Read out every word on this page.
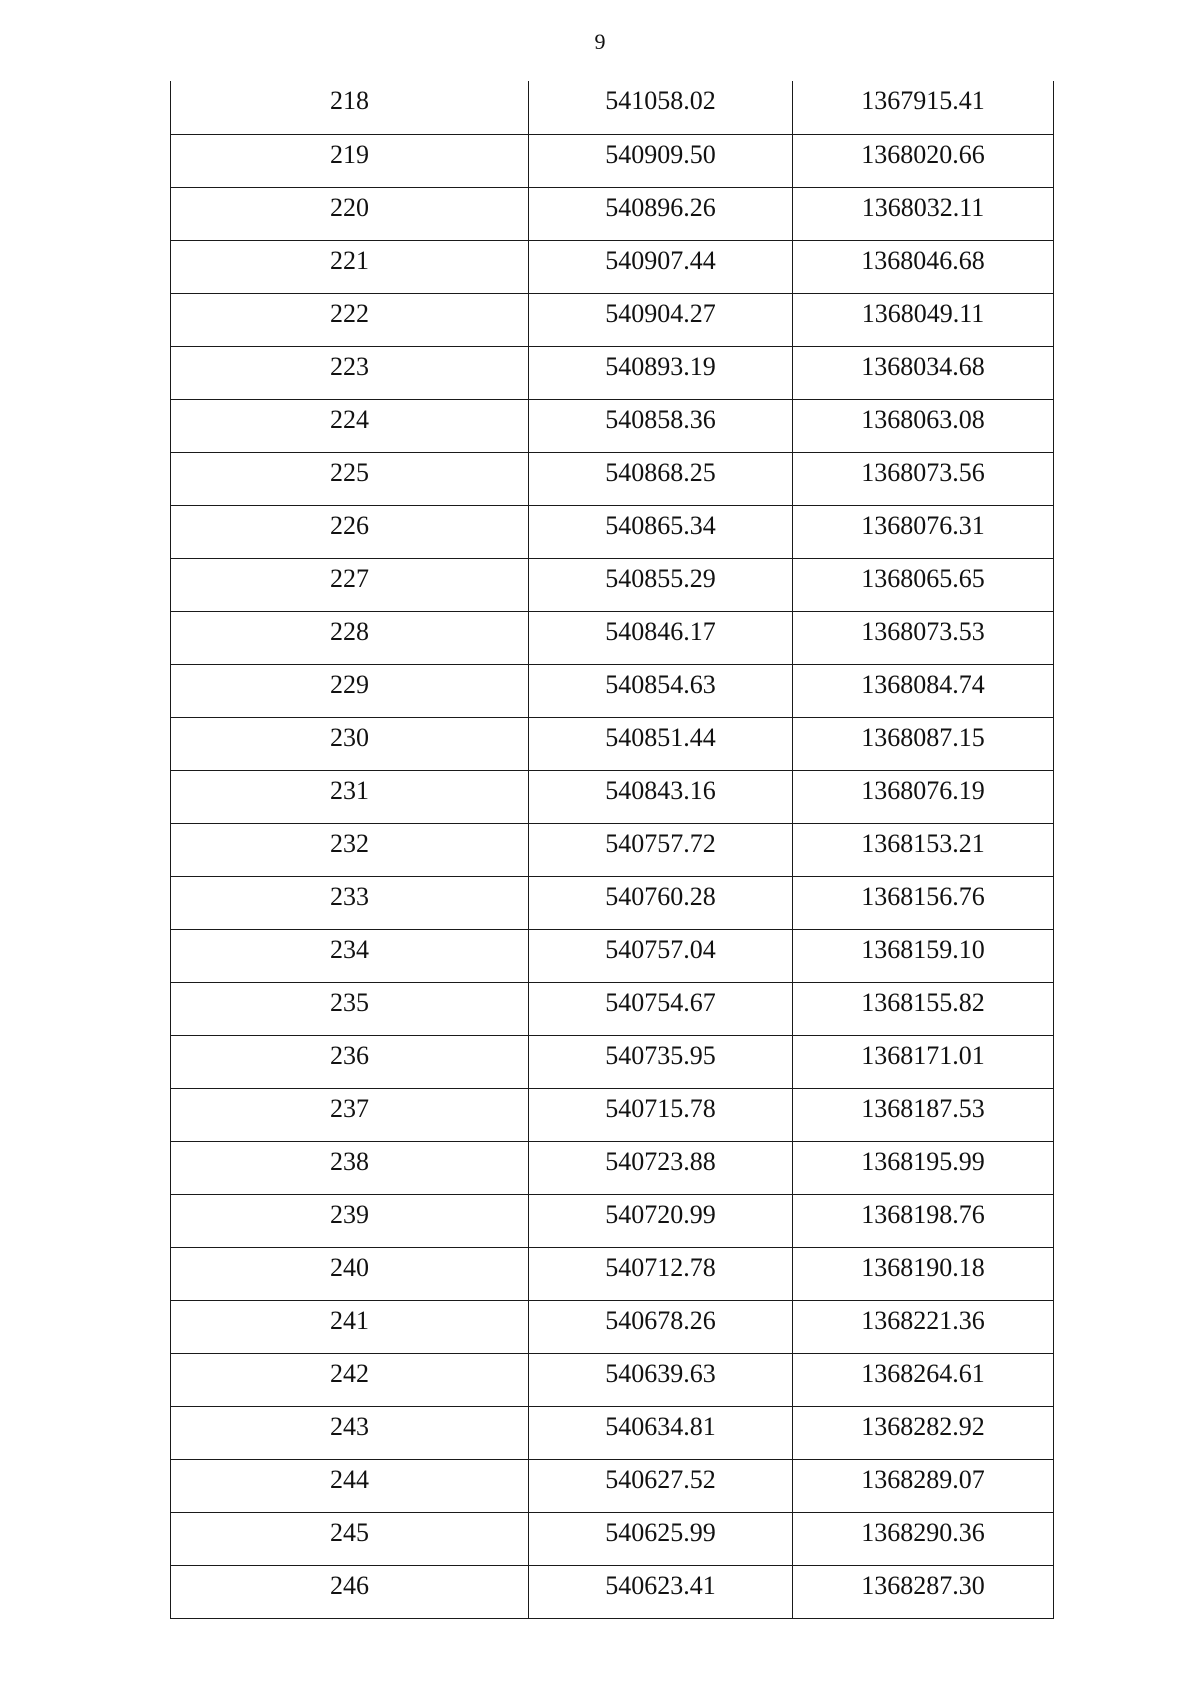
9
218	541058.02	1367915.41
219	540909.50	1368020.66
220	540896.26	1368032.11
221	540907.44	1368046.68
222	540904.27	1368049.11
223	540893.19	1368034.68
224	540858.36	1368063.08
225	540868.25	1368073.56
226	540865.34	1368076.31
227	540855.29	1368065.65
228	540846.17	1368073.53
229	540854.63	1368084.74
230	540851.44	1368087.15
231	540843.16	1368076.19
232	540757.72	1368153.21
233	540760.28	1368156.76
234	540757.04	1368159.10
235	540754.67	1368155.82
236	540735.95	1368171.01
237	540715.78	1368187.53
238	540723.88	1368195.99
239	540720.99	1368198.76
240	540712.78	1368190.18
241	540678.26	1368221.36
242	540639.63	1368264.61
243	540634.81	1368282.92
244	540627.52	1368289.07
245	540625.99	1368290.36
246	540623.41	1368287.30
